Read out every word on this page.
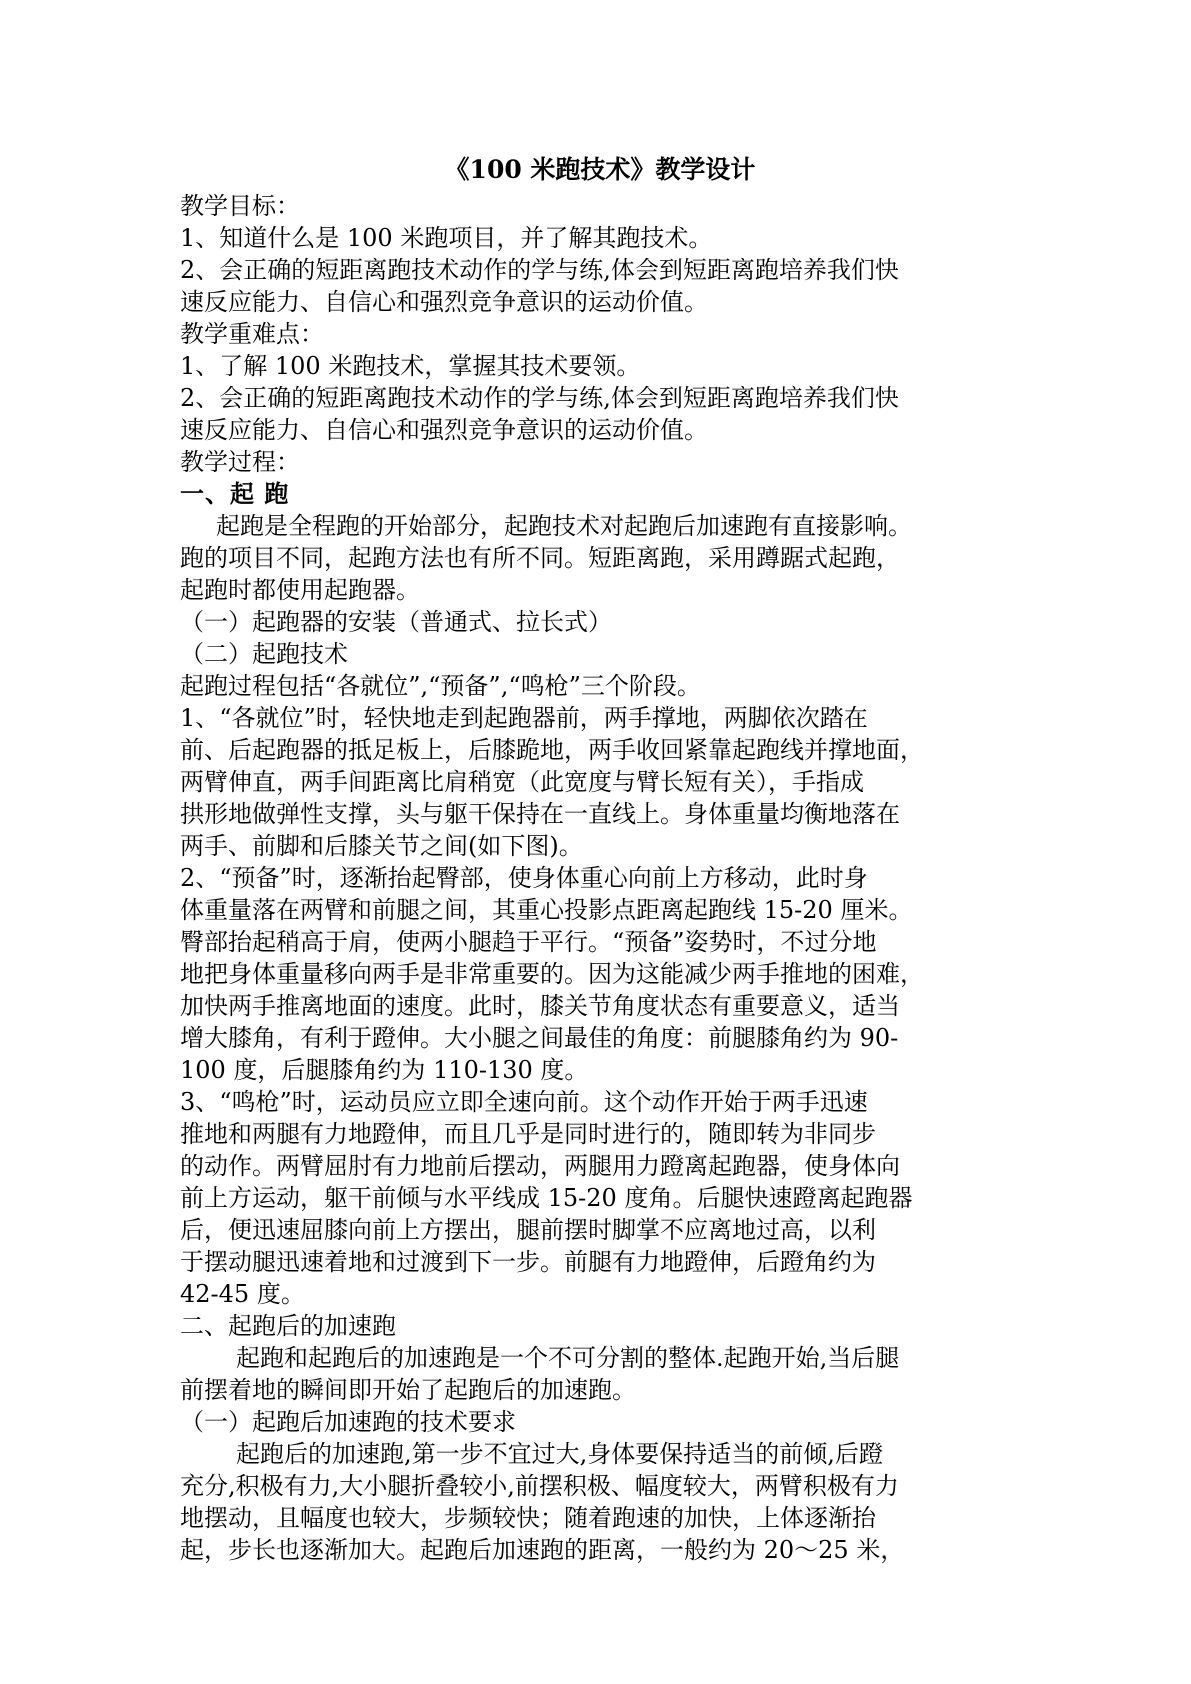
《100 米跑技术》教学设计

教学目标：

1、知道什么是 100 米跑项目，并了解其跑技术。

2、会正确的短距离跑技术动作的学与练,体会到短距离跑培养我们快

速反应能力、自信心和强烈竞争意识的运动价值。

教学重难点：

1、了解 100 米跑技术，掌握其技术要领。

2、会正确的短距离跑技术动作的学与练,体会到短距离跑培养我们快

速反应能力、自信心和强烈竞争意识的运动价值。

教学过程：

一、起 跑

起跑是全程跑的开始部分，起跑技术对起跑后加速跑有直接影响。

跑的项目不同，起跑方法也有所不同。短距离跑，采用蹲踞式起跑，

起跑时都使用起跑器。

（一）起跑器的安装（普通式、拉长式）

（二）起跑技术

起跑过程包括“各就位”,“预备”,“鸣枪”三个阶段。

1、“各就位”时，轻快地走到起跑器前，两手撑地，两脚依次踏在

前、后起跑器的抵足板上，后膝跪地，两手收回紧靠起跑线并撑地面，

两臂伸直，两手间距离比肩稍宽（此宽度与臂长短有关），手指成

拱形地做弹性支撑，头与躯干保持在一直线上。身体重量均衡地落在

两手、前脚和后膝关节之间(如下图)。

2、“预备”时，逐渐抬起臀部，使身体重心向前上方移动，此时身

体重量落在两臂和前腿之间，其重心投影点距离起跑线 15-20 厘米。

臀部抬起稍高于肩，使两小腿趋于平行。“预备”姿势时，不过分地

地把身体重量移向两手是非常重要的。因为这能减少两手推地的困难，

加快两手推离地面的速度。此时，膝关节角度状态有重要意义，适当

增大膝角，有利于蹬伸。大小腿之间最佳的角度：前腿膝角约为 90-

100 度，后腿膝角约为 110-130 度。

3、“鸣枪”时，运动员应立即全速向前。这个动作开始于两手迅速

推地和两腿有力地蹬伸，而且几乎是同时进行的，随即转为非同步

的动作。两臂屈肘有力地前后摆动，两腿用力蹬离起跑器，使身体向

前上方运动，躯干前倾与水平线成 15-20 度角。后腿快速蹬离起跑器

后，便迅速屈膝向前上方摆出，腿前摆时脚掌不应离地过高，以利

于摆动腿迅速着地和过渡到下一步。前腿有力地蹬伸，后蹬角约为

42-45 度。

二、起跑后的加速跑

起跑和起跑后的加速跑是一个不可分割的整体.起跑开始,当后腿

前摆着地的瞬间即开始了起跑后的加速跑。

（一）起跑后加速跑的技术要求

起跑后的加速跑,第一步不宜过大,身体要保持适当的前倾,后蹬

充分,积极有力,大小腿折叠较小,前摆积极、幅度较大，两臂积极有力

地摆动，且幅度也较大，步频较快；随着跑速的加快，上体逐渐抬

起，步长也逐渐加大。起跑后加速跑的距离，一般约为 20～25 米，
